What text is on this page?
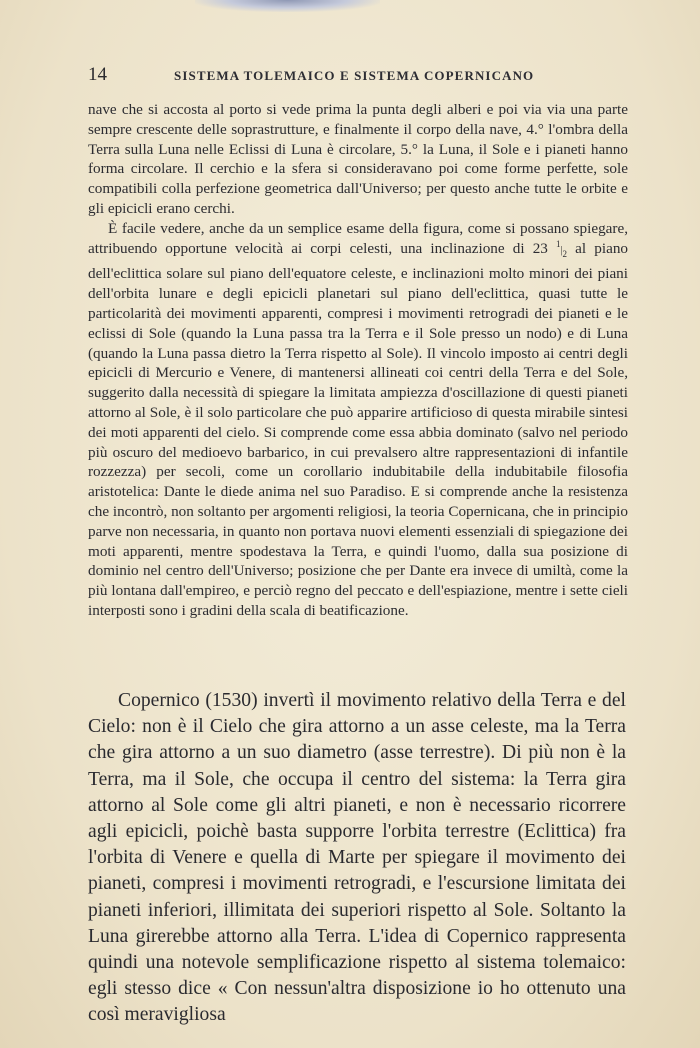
14	SISTEMA TOLEMAICO E SISTEMA COPERNICANO

nave che si accosta al porto si vede prima la punta degli alberi e poi via via una parte sempre crescente delle soprastrutture, e finalmente il corpo della nave, 4.° l'ombra della Terra sulla Luna nelle Eclissi di Luna è circolare, 5.° la Luna, il Sole e i pianeti hanno forma circolare. Il cerchio e la sfera si consideravano poi come forme perfette, sole compatibili colla perfezione geometrica dall'Universo; per questo anche tutte le orbite e gli epicicli erano cerchi.

È facile vedere, anche da un semplice esame della figura, come si possano spiegare, attribuendo opportune velocità ai corpi celesti, una inclinazione di 23 $^1|_2$ al piano dell'eclittica solare sul piano dell'equatore celeste, e inclinazioni molto minori dei piani dell'orbita lunare e degli epicicli planetari sul piano dell'eclittica, quasi tutte le particolarità dei movimenti apparenti, compresi i movimenti retrogradi dei pianeti e le eclissi di Sole (quando la Luna passa tra la Terra e il Sole presso un nodo) e di Luna (quando la Luna passa dietro la Terra rispetto al Sole). Il vincolo imposto ai centri degli epicicli di Mercurio e Venere, di mantenersi allineati coi centri della Terra e del Sole, suggerito dalla necessità di spiegare la limitata ampiezza d'oscillazione di questi pianeti attorno al Sole, è il solo particolare che può apparire artificioso di questa mirabile sintesi dei moti apparenti del cielo. Si comprende come essa abbia dominato (salvo nel periodo più oscuro del medioevo barbarico, in cui prevalsero altre rappresentazioni di infantile rozzezza) per secoli, come un corollario indubitabile della indubitabile filosofia aristotelica: Dante le diede anima nel suo Paradiso. E si comprende anche la resistenza che incontrò, non soltanto per argomenti religiosi, la teoria Copernicana, che in principio parve non necessaria, in quanto non portava nuovi elementi essenziali di spiegazione dei moti apparenti, mentre spodestava la Terra, e quindi l'uomo, dalla sua posizione di dominio nel centro dell'Universo; posizione che per Dante era invece di umiltà, come la più lontana dall'empireo, e perciò regno del peccato e dell'espiazione, mentre i sette cieli interposti sono i gradini della scala di beatificazione.

Copernico (1530) invertì il movimento relativo della Terra e del Cielo: non è il Cielo che gira attorno a un asse celeste, ma la Terra che gira attorno a un suo diametro (asse terrestre). Di più non è la Terra, ma il Sole, che occupa il centro del sistema: la Terra gira attorno al Sole come gli altri pianeti, e non è necessario ricorrere agli epicicli, poichè basta supporre l'orbita terrestre (Eclittica) fra l'orbita di Venere e quella di Marte per spiegare il movimento dei pianeti, compresi i movimenti retrogradi, e l'escursione limitata dei pianeti inferiori, illimitata dei superiori rispetto al Sole. Soltanto la Luna girerebbe attorno alla Terra. L'idea di Copernico rappresenta quindi una notevole semplificazione rispetto al sistema tolemaico: egli stesso dice « Con nessun'altra disposizione io ho ottenuto una così meravigliosa
